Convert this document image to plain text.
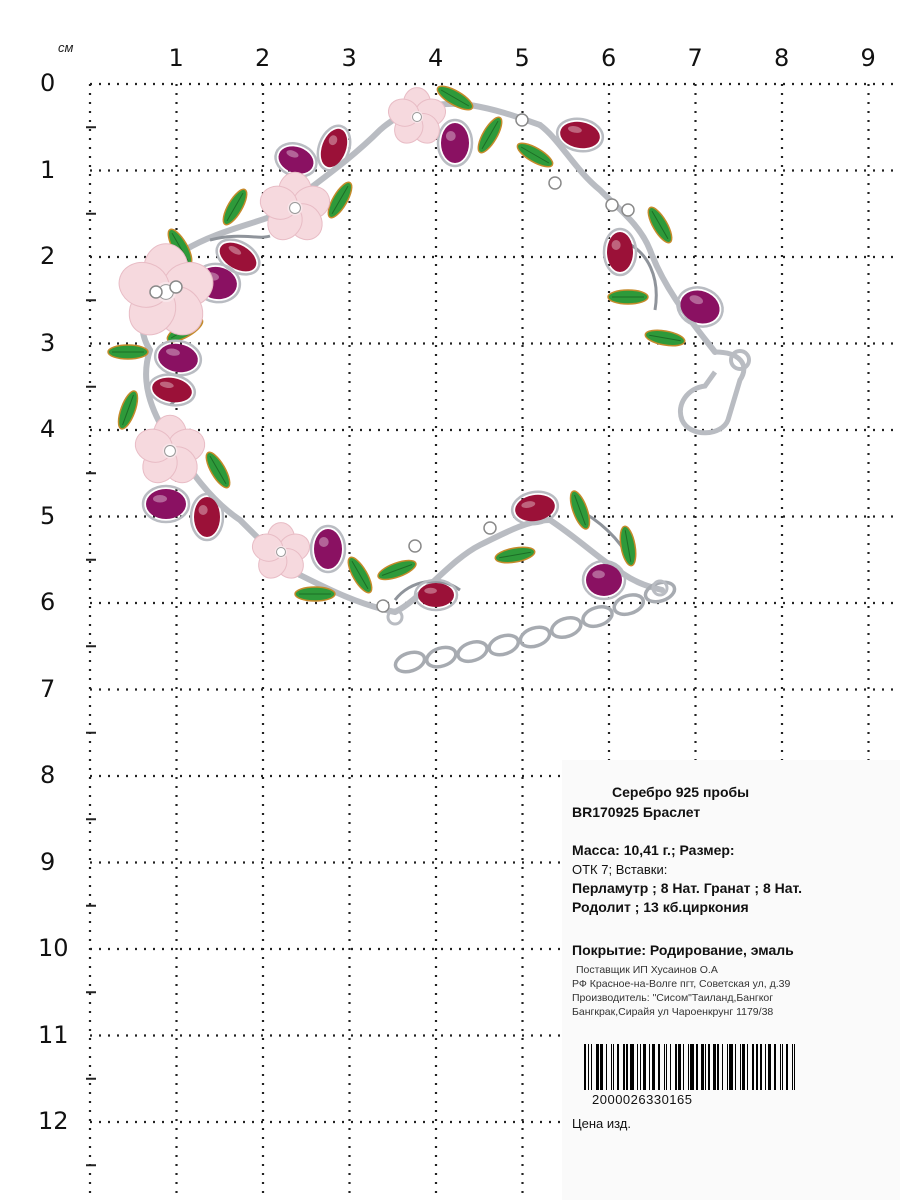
1	2	3	4	5	6	7	8	9
0
1
2
3
4
5
6
7
8
9
10
11
12
см
Серебро 925 пробы
BR170925 Браслет
Масса: 10,41 г.; Размер:
ОТК 7; Вставки:
Перламутр ; 8 Нат. Гранат ; 8 Нат.
Родолит ; 13 кб.циркония
Покрытие: Родирование, эмаль
Поставщик ИП Хусаинов О.А
РФ Красное-на-Волге пгт, Советская ул, д.39
Производитель: "Сисом"Таиланд,Бангког
Бангкрак,Сирайя ул Чароенкрунг 1179/38
2000026330165
Цена изд.
